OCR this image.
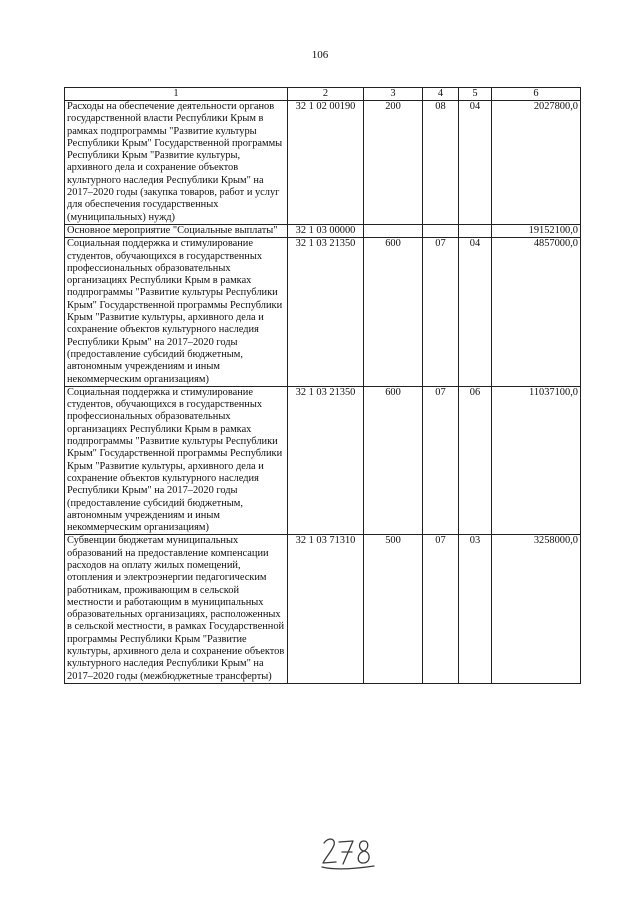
106
1	2	3	4	5	6
Расходы на обеспечение деятельности органов государственной власти Республики Крым в рамках подпрограммы "Развитие культуры Республики Крым" Государственной программы Республики Крым "Развитие культуры, архивного дела и сохранение объектов культурного наследия Республики Крым" на 2017–2020 годы (закупка товаров, работ и услуг для обеспечения государственных (муниципальных) нужд)	32 1 02 00190	200	08	04	2027800,0
Основное мероприятие "Социальные выплаты"	32 1 03 00000				19152100,0
Социальная поддержка и стимулирование студентов, обучающихся в государственных профессиональных образовательных организациях Республики Крым в рамках подпрограммы "Развитие культуры Республики Крым" Государственной программы Республики Крым "Развитие культуры, архивного дела и сохранение объектов культурного наследия Республики Крым" на 2017–2020 годы (предоставление субсидий бюджетным, автономным учреждениям и иным некоммерческим организациям)	32 1 03 21350	600	07	04	4857000,0
Социальная поддержка и стимулирование студентов, обучающихся в государственных профессиональных образовательных организациях Республики Крым в рамках подпрограммы "Развитие культуры Республики Крым" Государственной программы Республики Крым "Развитие культуры, архивного дела и сохранение объектов культурного наследия Республики Крым" на 2017–2020 годы (предоставление субсидий бюджетным, автономным учреждениям и иным некоммерческим организациям)	32 1 03 21350	600	07	06	11037100,0
Субвенции бюджетам муниципальных образований на предоставление компенсации расходов на оплату жилых помещений, отопления и электроэнергии педагогическим работникам, проживающим в сельской местности и работающим в муниципальных образовательных организациях, расположенных в сельской местности, в рамках Государственной программы Республики Крым "Развитие культуры, архивного дела и сохранение объектов культурного наследия Республики Крым" на 2017–2020 годы (межбюджетные трансферты)	32 1 03 71310	500	07	03	3258000,0
